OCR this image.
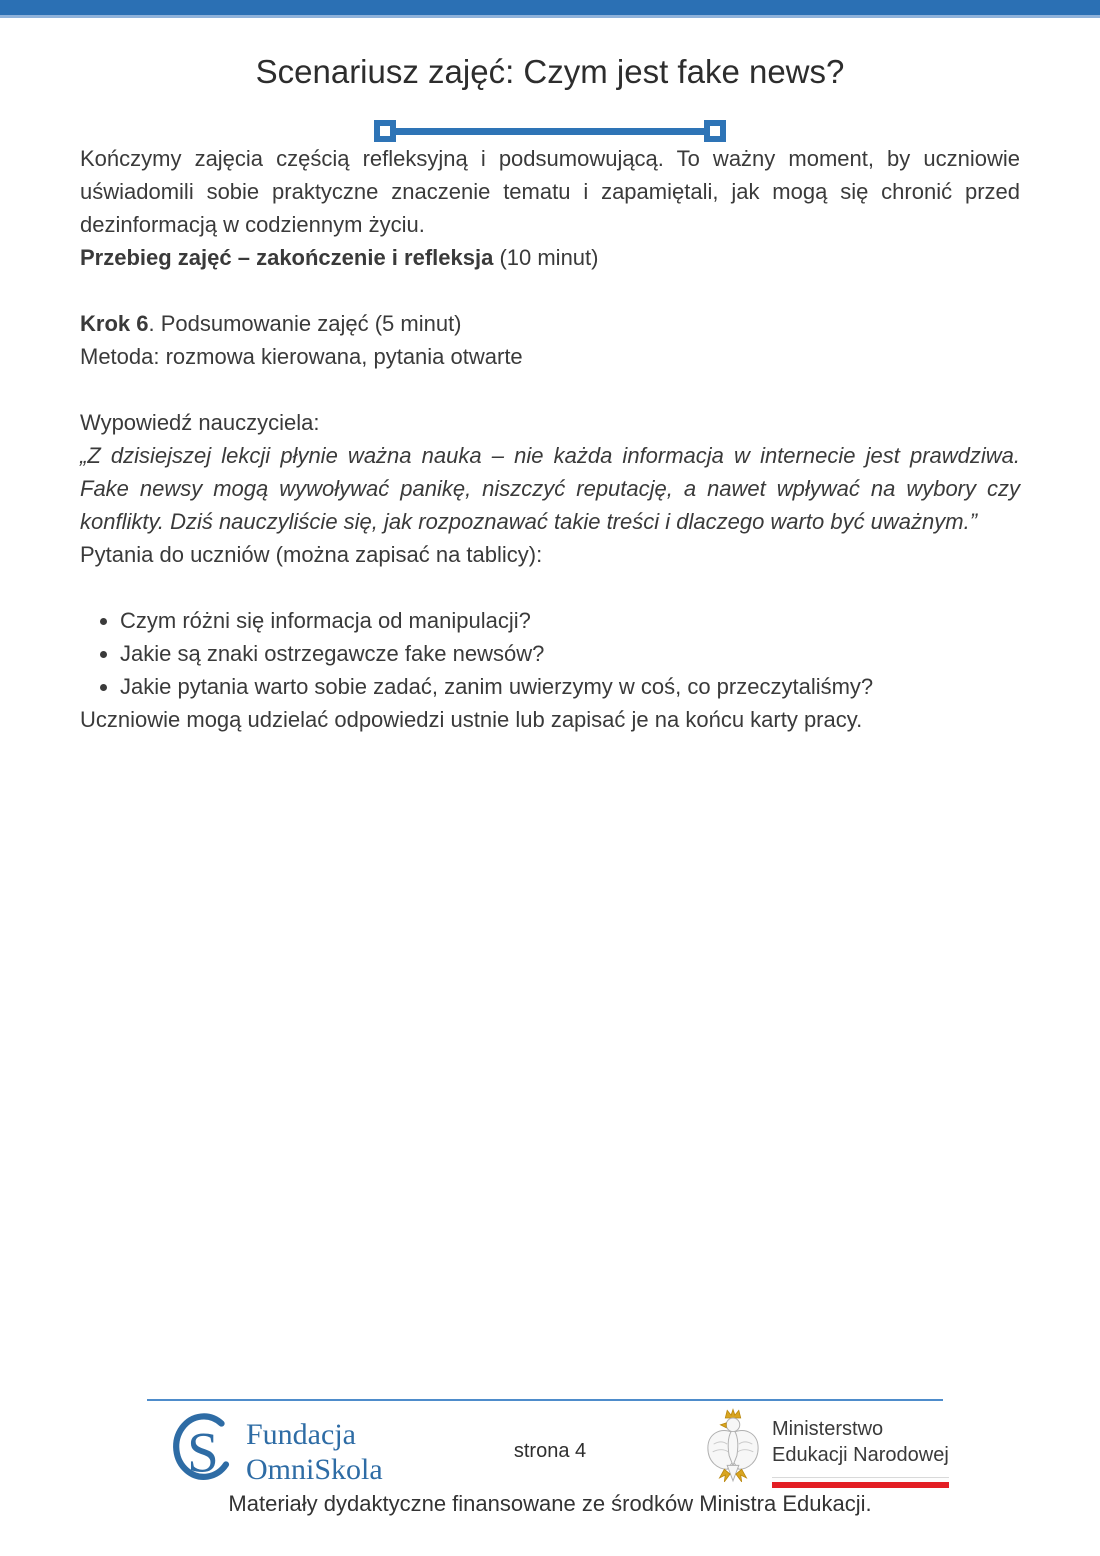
Scenariusz zajęć: Czym jest fake news?

Kończymy zajęcia częścią refleksyjną i podsumowującą. To ważny moment, by uczniowie uświadomili sobie praktyczne znaczenie tematu i zapamiętali, jak mogą się chronić przed dezinformacją w codziennym życiu.

Przebieg zajęć – zakończenie i refleksja (10 minut)

Krok 6. Podsumowanie zajęć (5 minut)
Metoda: rozmowa kierowana, pytania otwarte
Wypowiedź nauczyciela:
„Z dzisiejszej lekcji płynie ważna nauka – nie każda informacja w internecie jest prawdziwa. Fake newsy mogą wywoływać panikę, niszczyć reputację, a nawet wpływać na wybory czy konflikty. Dziś nauczyliście się, jak rozpoznawać takie treści i dlaczego warto być uważnym.”

Pytania do uczniów (można zapisać na tablicy):

• Czym różni się informacja od manipulacji?
• Jakie są znaki ostrzegawcze fake newsów?
• Jakie pytania warto sobie zadać, zanim uwierzymy w coś, co przeczytaliśmy?

Uczniowie mogą udzielać odpowiedzi ustnie lub zapisać je na końcu karty pracy.

S Fundacja
OmniSkola
strona 4
Ministerstwo
Edukacji Narodowej
Materiały dydaktyczne finansowane ze środków Ministra Edukacji.
